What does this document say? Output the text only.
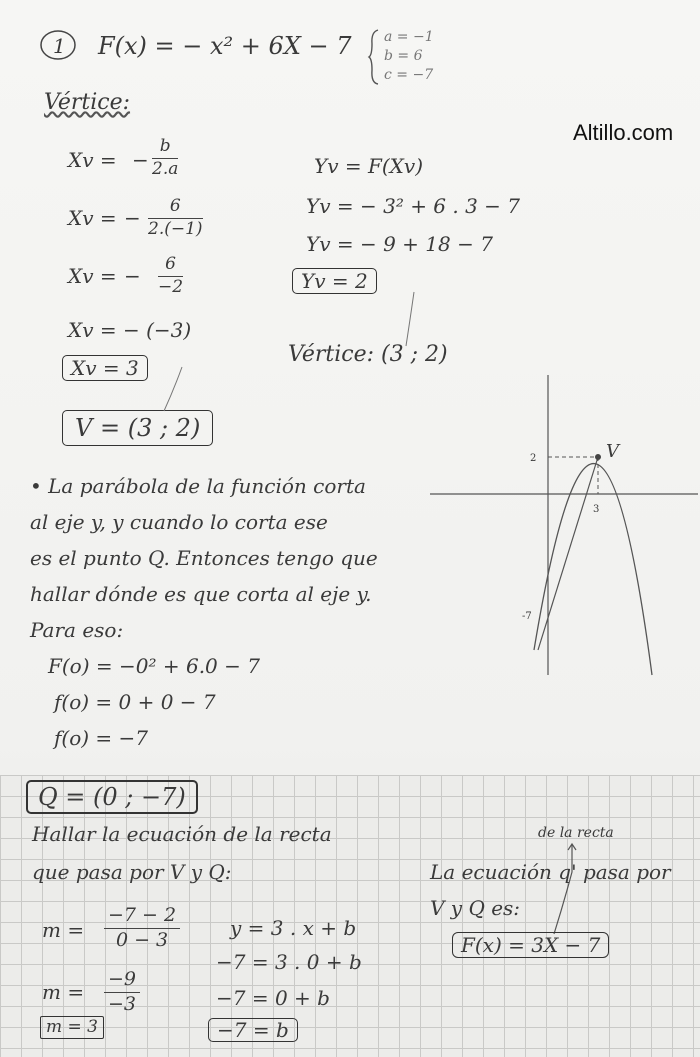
Altillo.com
1 F(x) = − x² + 6X − 7 a = −1
b = 6
c = −7
Vértice:
Xv = − $\frac{b}{2.a}$
Xv = − $\frac{6}{2.(-1)}$
Xv = − $\frac{6}{-2}$
Xv = − (−3)
Xv = 3
V = (3 ; 2)
Yv = F(Xv)
Yv = − 3² + 6 . 3 − 7
Yv = − 9 + 18 − 7
Yv = 2
Vértice: (3 ; 2)
V
2
3
-7
• La parábola de la función corta
al eje y, y cuando lo corta ese
es el punto Q. Entonces tengo que
hallar dónde es que corta al eje y.
Para eso:
F(o) = −0² + 6.0 − 7
f(o) = 0 + 0 − 7
f(o) = −7
Q = (0 ; −7)
Hallar la ecuación de la recta
que pasa por V y Q:
$m = \frac{-7 - 2}{0 - 3}$
$m = \frac{-9}{-3}$
m = 3
y = 3 . x + b
−7 = 3 . 0 + b
−7 = 0 + b
−7 = b
de la recta
La ecuación q' pasa por
V y Q es:
F(x) = 3X − 7
